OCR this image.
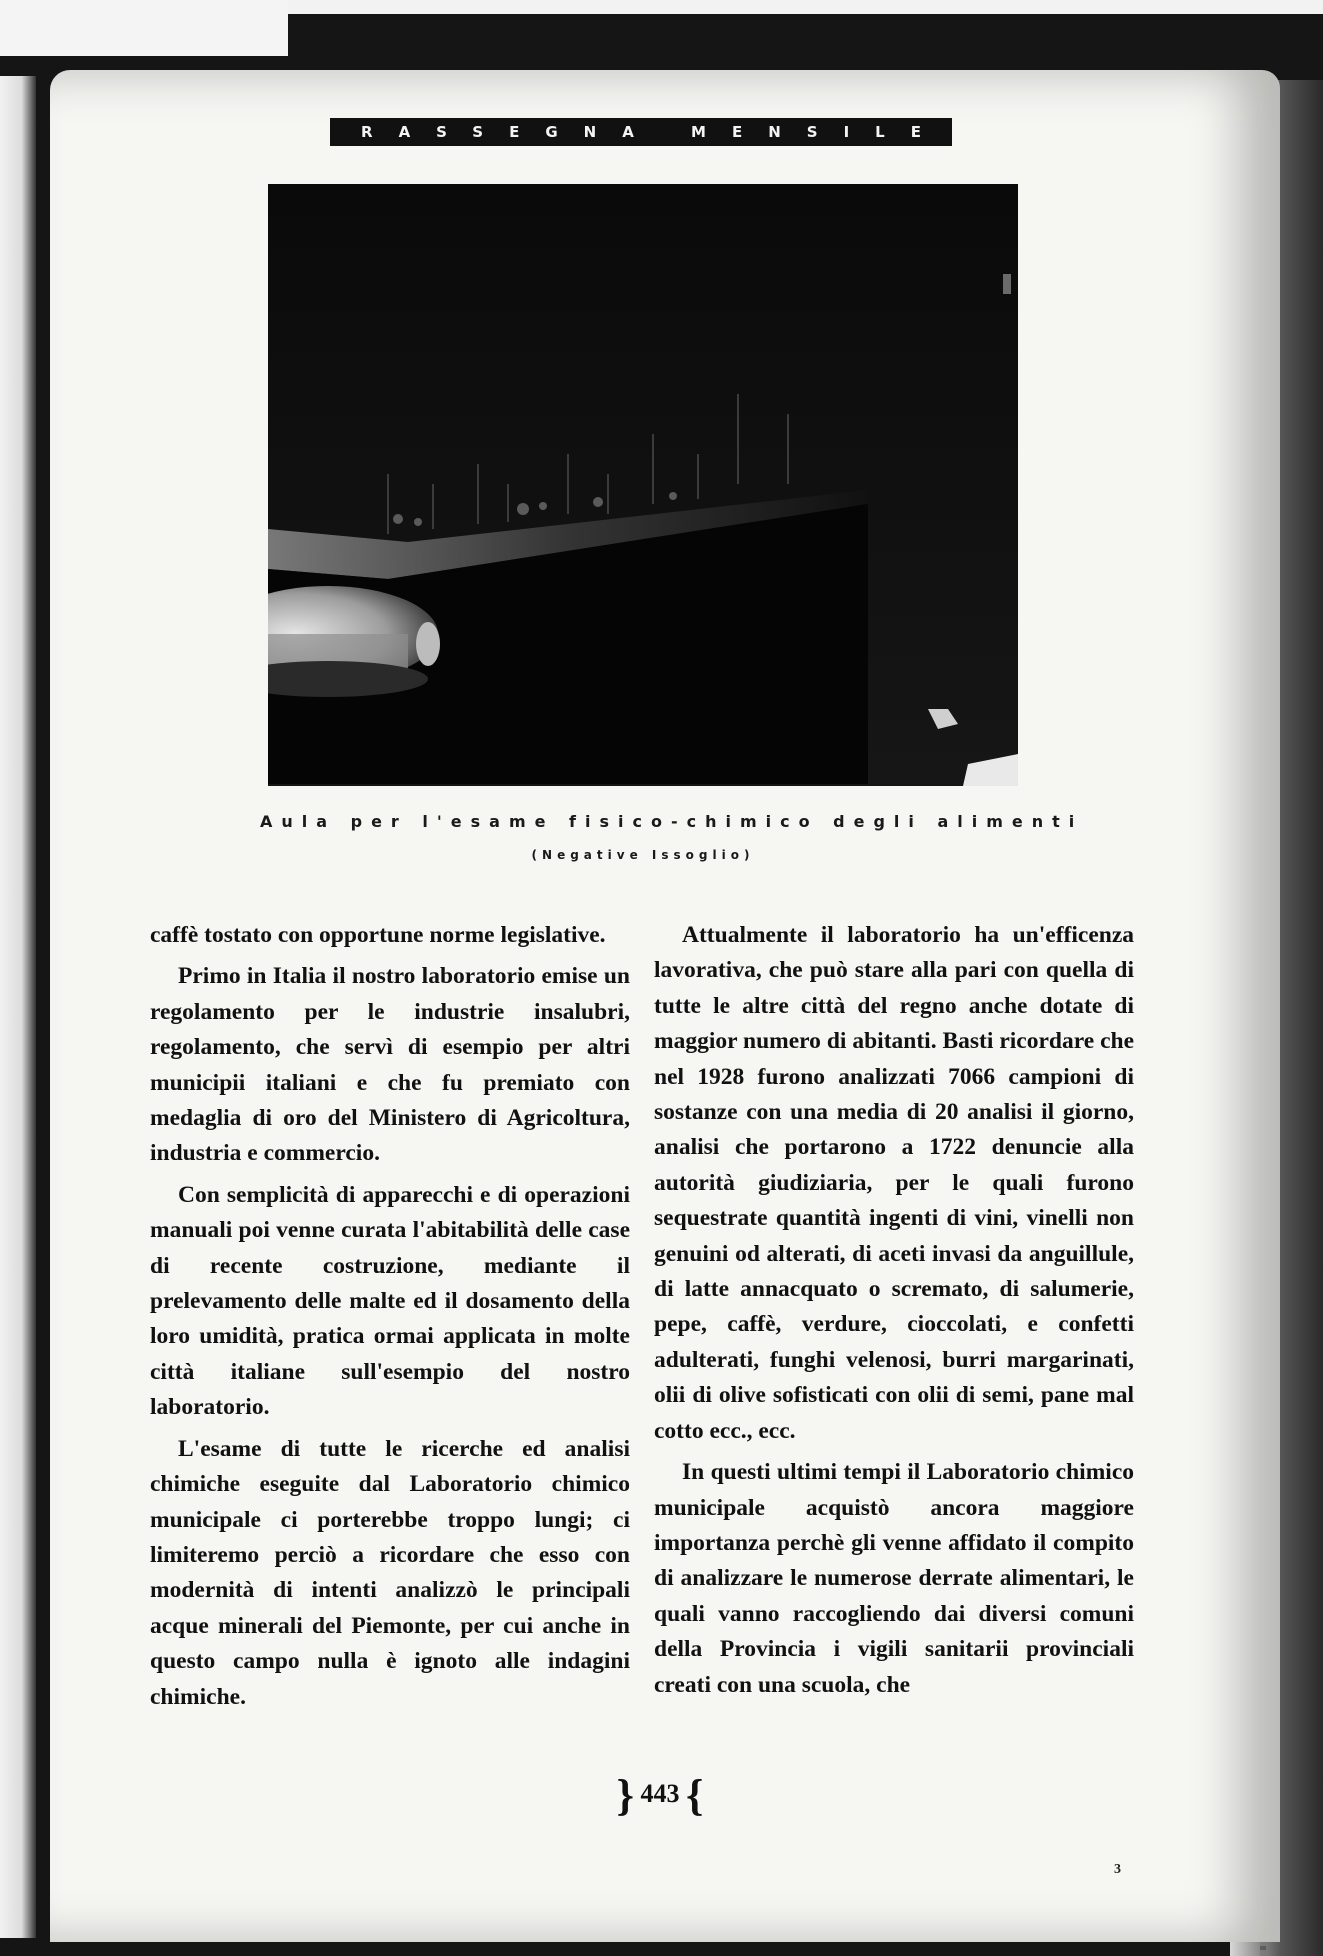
RASSEGNA MENSILE
Aula per l'esame fisico-chimico degli alimenti
(Negative Issoglio)

caffè tostato con opportune norme legislative.

Primo in Italia il nostro laboratorio emise un regolamento per le industrie insalubri, regolamento, che servì di esempio per altri municipii italiani e che fu premiato con medaglia di oro del Ministero di Agricoltura, industria e commercio.

Con semplicità di apparecchi e di operazioni manuali poi venne curata l'abitabilità delle case di recente costruzione, mediante il prelevamento delle malte ed il dosamento della loro umidità, pratica ormai applicata in molte città italiane sull'esempio del nostro laboratorio.

L'esame di tutte le ricerche ed analisi chimiche eseguite dal Laboratorio chimico municipale ci porterebbe troppo lungi; ci limiteremo perciò a ricordare che esso con modernità di intenti analizzò le principali acque minerali del Piemonte, per cui anche in questo campo nulla è ignoto alle indagini chimiche.

Attualmente il laboratorio ha un'efficenza lavorativa, che può stare alla pari con quella di tutte le altre città del regno anche dotate di maggior numero di abitanti. Basti ricordare che nel 1928 furono analizzati 7066 campioni di sostanze con una media di 20 analisi il giorno, analisi che portarono a 1722 denuncie alla autorità giudiziaria, per le quali furono sequestrate quantità ingenti di vini, vinelli non genuini od alterati, di aceti invasi da anguillule, di latte annacquato o scremato, di salumerie, pepe, caffè, verdure, cioccolati, e confetti adulterati, funghi velenosi, burri margarinati, olii di olive sofisticati con olii di semi, pane mal cotto ecc., ecc.

In questi ultimi tempi il Laboratorio chimico municipale acquistò ancora maggiore importanza perchè gli venne affidato il compito di analizzare le numerose derrate alimentari, le quali vanno raccogliendo dai diversi comuni della Provincia i vigili sanitarii provinciali creati con una scuola, che

} 443 {
3
